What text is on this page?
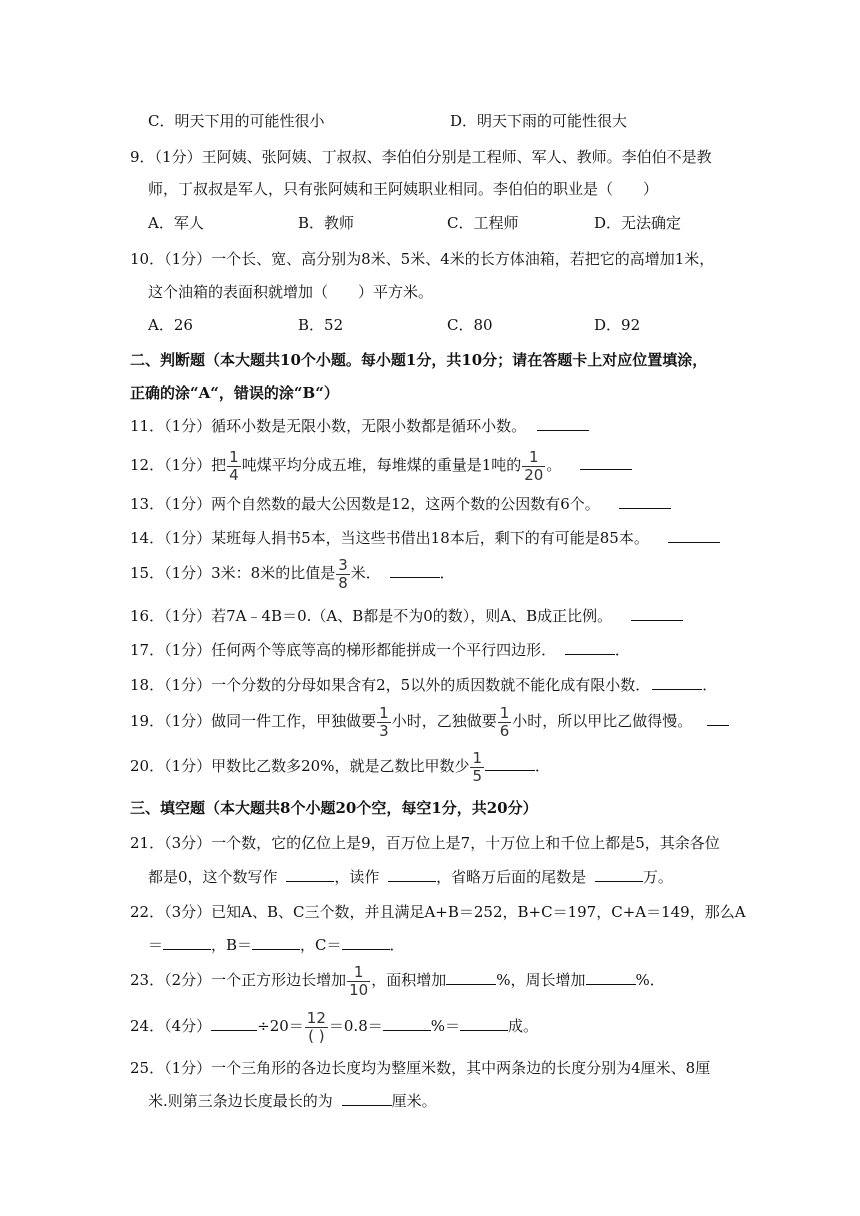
C．明天下用的可能性很小	D．明天下雨的可能性很大
9．（1分）王阿姨、张阿姨、丁叔叔、李伯伯分别是工程师、军人、教师。李伯伯不是教
师，丁叔叔是军人，只有张阿姨和王阿姨职业相同。李伯伯的职业是（　　）
A．军人	B．教师	C．工程师	D．无法确定
10．（1分）一个长、宽、高分别为8米、5米、4米的长方体油箱，若把它的高增加1米，
这个油箱的表面积就增加（　　）平方米。
A．26	B．52	C．80	D．92
二、判断题（本大题共10个小题。每小题1分，共10分；请在答题卡上对应位置填涂，
正确的涂“A“，错误的涂“B“）
11．（1分）循环小数是无限小数，无限小数都是循环小数。
12．（1分）把 $\frac{1}{4}$ 吨煤平均分成五堆，每堆煤的重量是1吨的 $\frac{1}{20}$ 。
13．（1分）两个自然数的最大公因数是12，这两个数的公因数有6个。
14．（1分）某班每人捐书5本，当这些书借出18本后，剩下的有可能是85本。
15．（1分）3米：8米的比值是 $\frac{3}{8}$ 米．	．
16．（1分）若7A﹣4B＝0.（A、B都是不为0的数），则A、B成正比例。
17．（1分）任何两个等底等高的梯形都能拼成一个平行四边形．	．
18．（1分）一个分数的分母如果含有2，5以外的质因数就不能化成有限小数．	．
19．（1分）做同一件工作，甲独做要 $\frac{1}{3}$ 小时，乙独做要 $\frac{1}{6}$ 小时，所以甲比乙做得慢。
20．（1分）甲数比乙数多20%，就是乙数比甲数少 $\frac{1}{5}$	．
三、填空题（本大题共8个小题20个空，每空1分，共20分）
21．（3分）一个数，它的亿位上是9，百万位上是7，十万位上和千位上都是5，其余各位
都是0，这个数写作	，读作	，省略万后面的尾数是	万。
22．（3分）已知A、B、C三个数，并且满足A+B＝252，B+C＝197，C+A＝149，那么A
＝	，B＝	，C＝	．
23．（2分）一个正方形边长增加 $\frac{1}{10}$ ，面积增加	%，周长增加	%．
24．（4分）	$\div 20= \frac{12}{( )} =0.8=$	%＝	成。
25．（1分）一个三角形的各边长度均为整厘米数，其中两条边的长度分别为4厘米、8厘
米.则第三条边长度最长的为	厘米。
